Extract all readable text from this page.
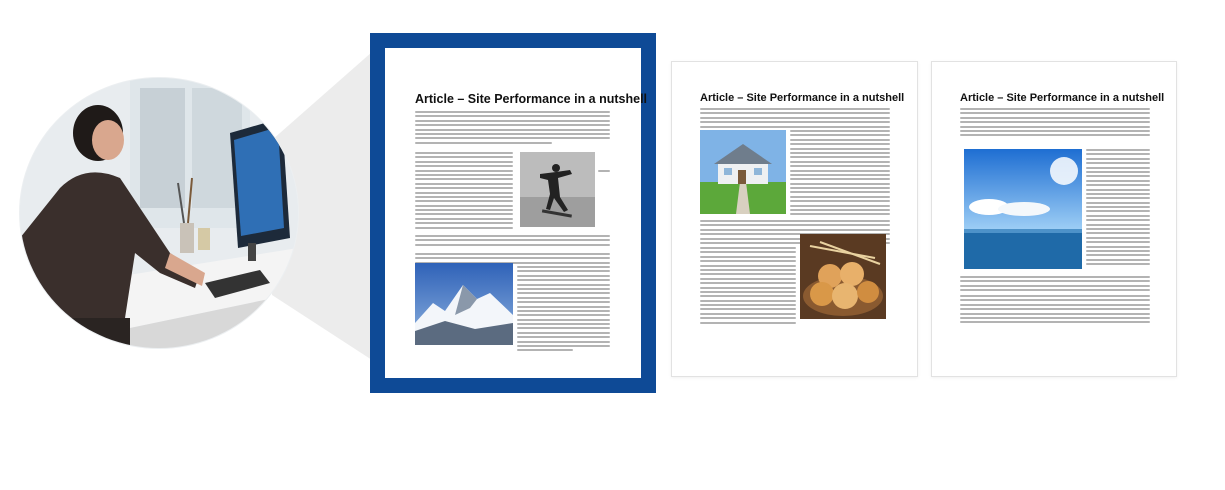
Article – Site Performance in a nutshell	Article – Site Performance in a nutshell	Article – Site Performance in a nutshell
